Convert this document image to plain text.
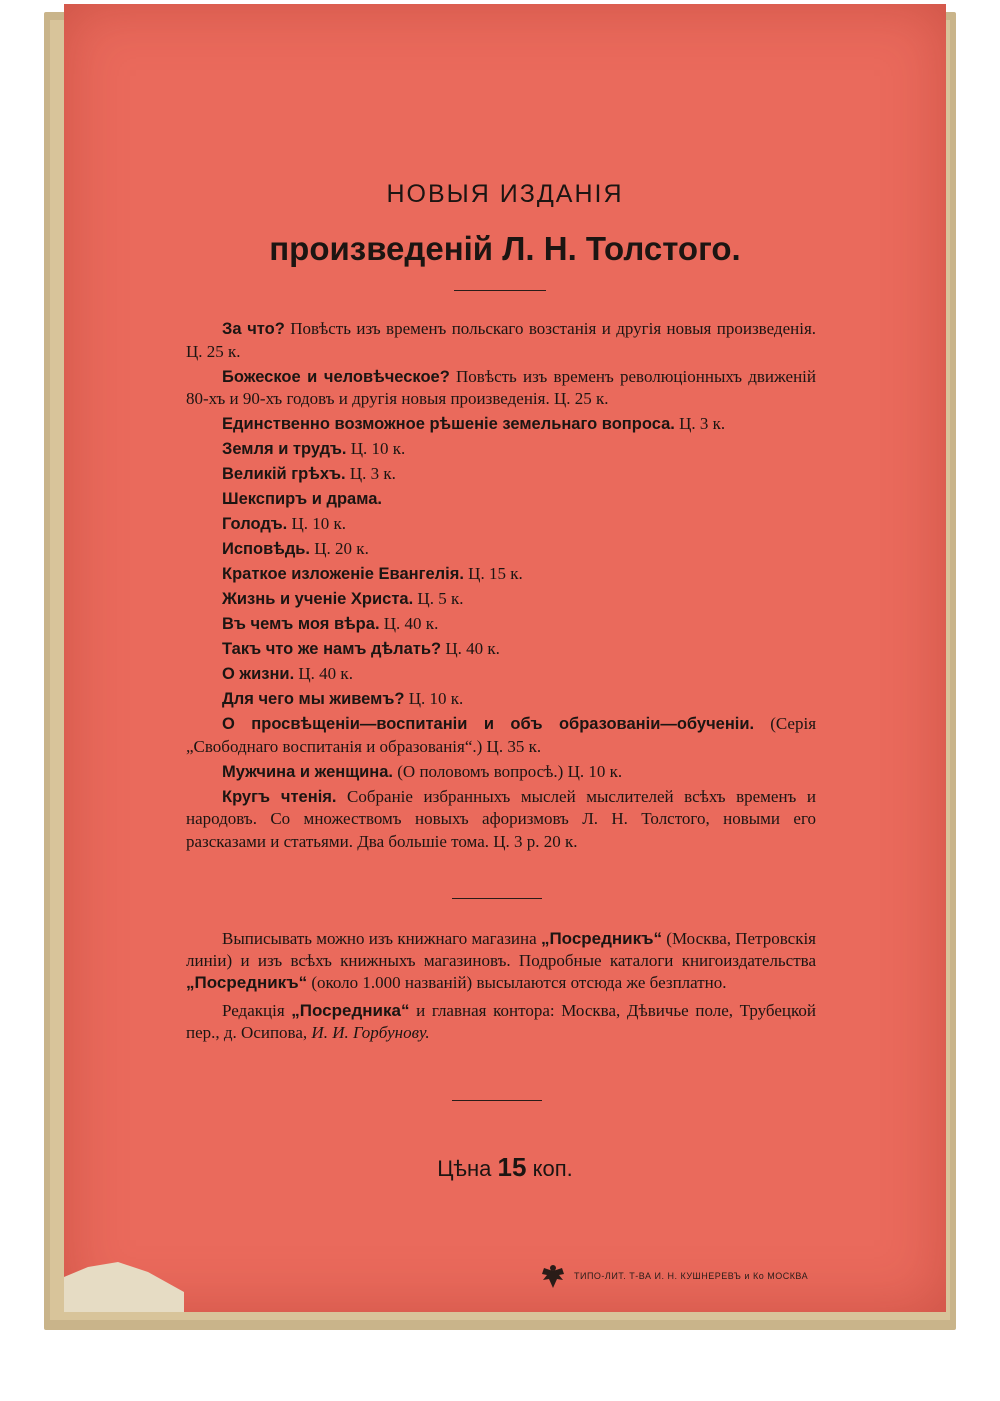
НОВЫЯ ИЗДАНІЯ
произведеній Л. Н. Толстого.

За что? Повѣсть изъ временъ польскаго возстанія и другія новыя произведенія. Ц. 25 к.

Божеское и человѣческое? Повѣсть изъ временъ революціонныхъ движеній 80-хъ и 90-хъ годовъ и другія новыя произведенія. Ц. 25 к.

Единственно возможное рѣшеніе земельнаго вопроса. Ц. 3 к.

Земля и трудъ. Ц. 10 к.

Великій грѣхъ. Ц. 3 к.

Шекспиръ и драма.

Голодъ. Ц. 10 к.

Исповѣдь. Ц. 20 к.

Краткое изложеніе Евангелія. Ц. 15 к.

Жизнь и ученіе Христа. Ц. 5 к.

Въ чемъ моя вѣра. Ц. 40 к.

Такъ что же намъ дѣлать? Ц. 40 к.

О жизни. Ц. 40 к.

Для чего мы живемъ? Ц. 10 к.

О просвѣщеніи—воспитаніи и объ образованіи—обученіи. (Серія „Свободнаго воспитанія и образованія“.) Ц. 35 к.

Мужчина и женщина. (О половомъ вопросѣ.) Ц. 10 к.

Кругъ чтенія. Собраніе избранныхъ мыслей мыслителей всѣхъ временъ и народовъ. Со множествомъ новыхъ афоризмовъ Л. Н. Толстого, новыми его разсказами и статьями. Два большіе тома. Ц. 3 р. 20 к.

Выписывать можно изъ книжнаго магазина „Посредникъ“ (Москва, Петровскія линіи) и изъ всѣхъ книжныхъ магазиновъ. Подробные каталоги книгоиздательства „Посредникъ“ (около 1.000 названій) высылаются отсюда же безплатно.

Редакція „Посредника“ и главная контора: Москва, Дѣвичье поле, Трубецкой пер., д. Осипова, И. И. Горбунову.

Цѣна 15 коп.
ТИПО-ЛИТ. Т-ВА И. Н. КУШНЕРЕВЪ и Ко МОСКВА
